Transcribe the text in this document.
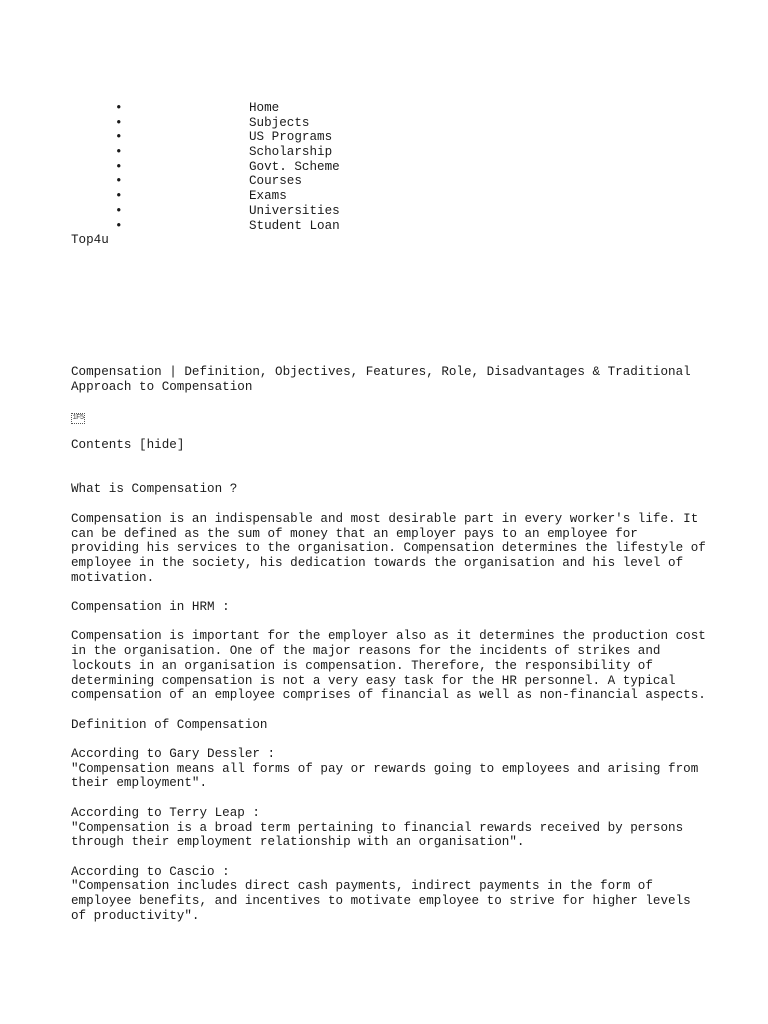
•	Home
•	Subjects
•	US Programs
•	Scholarship
•	Govt. Scheme
•	Courses
•	Exams
•	Universities
•	Student Loan
Top4u
Compensation | Definition, Objectives, Features, Role, Disadvantages & Traditional Approach to Compensation
1F5
Contents [hide]

What is Compensation ?

Compensation is an indispensable and most desirable part in every worker's life. It can be defined as the sum of money that an employer pays to an employee for providing his services to the organisation. Compensation determines the lifestyle of employee in the society, his dedication towards the organisation and his level of motivation.

Compensation in HRM :

Compensation is important for the employer also as it determines the production cost in the organisation. One of the major reasons for the incidents of strikes and lockouts in an organisation is compensation. Therefore, the responsibility of determining compensation is not a very easy task for the HR personnel. A typical compensation of an employee comprises of financial as well as non-financial aspects.

Definition of Compensation

According to Gary Dessler :

"Compensation means all forms of pay or rewards going to employees and arising from their employment".

According to Terry Leap :

"Compensation is a broad term pertaining to financial rewards received by persons through their employment relationship with an organisation".

According to Cascio :

"Compensation includes direct cash payments, indirect payments in the form of employee benefits, and incentives to motivate employee to strive for higher levels of productivity".
